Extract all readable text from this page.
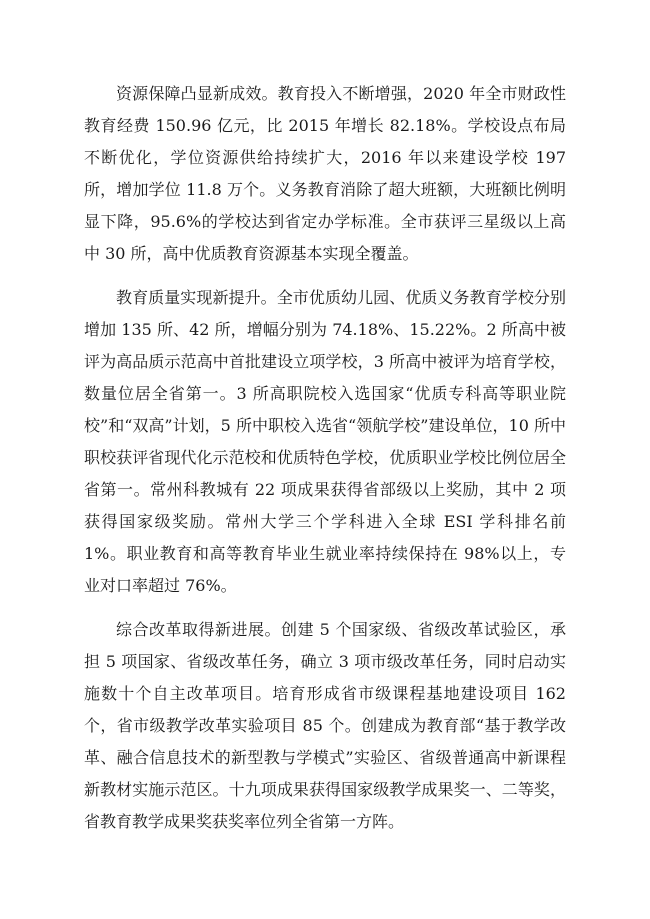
资源保障凸显新成效。教育投入不断增强，2020 年全市财政性教育经费 150.96 亿元，比 2015 年增长 82.18%。学校设点布局不断优化，学位资源供给持续扩大，2016 年以来建设学校 197 所，增加学位 11.8 万个。义务教育消除了超大班额，大班额比例明显下降，95.6%的学校达到省定办学标准。全市获评三星级以上高中 30 所，高中优质教育资源基本实现全覆盖。

教育质量实现新提升。全市优质幼儿园、优质义务教育学校分别增加 135 所、42 所，增幅分别为 74.18%、15.22%。2 所高中被评为高品质示范高中首批建设立项学校，3 所高中被评为培育学校，数量位居全省第一。3 所高职院校入选国家“优质专科高等职业院校”和“双高”计划，5 所中职校入选省“领航学校”建设单位，10 所中职校获评省现代化示范校和优质特色学校，优质职业学校比例位居全省第一。常州科教城有 22 项成果获得省部级以上奖励，其中 2 项获得国家级奖励。常州大学三个学科进入全球 ESI 学科排名前 1%。职业教育和高等教育毕业生就业率持续保持在 98%以上，专业对口率超过 76%。

综合改革取得新进展。创建 5 个国家级、省级改革试验区，承担 5 项国家、省级改革任务，确立 3 项市级改革任务，同时启动实施数十个自主改革项目。培育形成省市级课程基地建设项目 162 个，省市级教学改革实验项目 85 个。创建成为教育部“基于教学改革、融合信息技术的新型教与学模式”实验区、省级普通高中新课程新教材实施示范区。十九项成果获得国家级教学成果奖一、二等奖，省教育教学成果奖获奖率位列全省第一方阵。
